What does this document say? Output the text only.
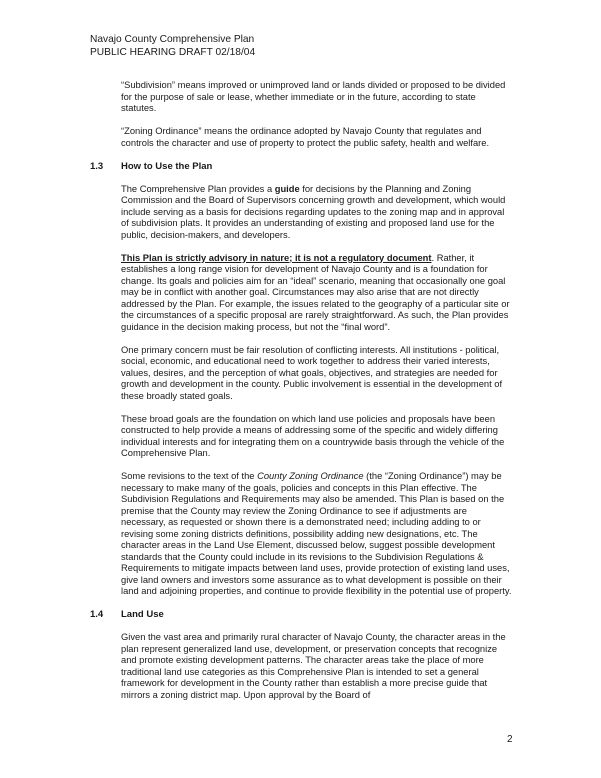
Navajo County Comprehensive Plan
PUBLIC HEARING DRAFT 02/18/04

“Subdivision” means improved or unimproved land or lands divided or proposed to be divided for the purpose of sale or lease, whether immediate or in the future, according to state statutes.

“Zoning Ordinance” means the ordinance adopted by Navajo County that regulates and controls the character and use of property to protect the public safety, health and welfare.

1.3 How to Use the Plan

The Comprehensive Plan provides a guide for decisions by the Planning and Zoning Commission and the Board of Supervisors concerning growth and development, which would include serving as a basis for decisions regarding updates to the zoning map and in approval of subdivision plats. It provides an understanding of existing and proposed land use for the public, decision-makers, and developers.

This Plan is strictly advisory in nature; it is not a regulatory document. Rather, it establishes a long range vision for development of Navajo County and is a foundation for change. Its goals and policies aim for an “ideal” scenario, meaning that occasionally one goal may be in conflict with another goal. Circumstances may also arise that are not directly addressed by the Plan. For example, the issues related to the geography of a particular site or the circumstances of a specific proposal are rarely straightforward. As such, the Plan provides guidance in the decision making process, but not the “final word”.

One primary concern must be fair resolution of conflicting interests. All institutions - political, social, economic, and educational need to work together to address their varied interests, values, desires, and the perception of what goals, objectives, and strategies are needed for growth and development in the county. Public involvement is essential in the development of these broadly stated goals.

These broad goals are the foundation on which land use policies and proposals have been constructed to help provide a means of addressing some of the specific and widely differing individual interests and for integrating them on a countrywide basis through the vehicle of the Comprehensive Plan.

Some revisions to the text of the County Zoning Ordinance (the “Zoning Ordinance”) may be necessary to make many of the goals, policies and concepts in this Plan effective. The Subdivision Regulations and Requirements may also be amended. This Plan is based on the premise that the County may review the Zoning Ordinance to see if adjustments are necessary, as requested or shown there is a demonstrated need; including adding to or revising some zoning districts definitions, possibility adding new designations, etc. The character areas in the Land Use Element, discussed below, suggest possible development standards that the County could include in its revisions to the Subdivision Regulations & Requirements to mitigate impacts between land uses, provide protection of existing land uses, give land owners and investors some assurance as to what development is possible on their land and adjoining properties, and continue to provide flexibility in the potential use of property.

1.4 Land Use

Given the vast area and primarily rural character of Navajo County, the character areas in the plan represent generalized land use, development, or preservation concepts that recognize and promote existing development patterns. The character areas take the place of more traditional land use categories as this Comprehensive Plan is intended to set a general framework for development in the County rather than establish a more precise guide that mirrors a zoning district map. Upon approval by the Board of

2
